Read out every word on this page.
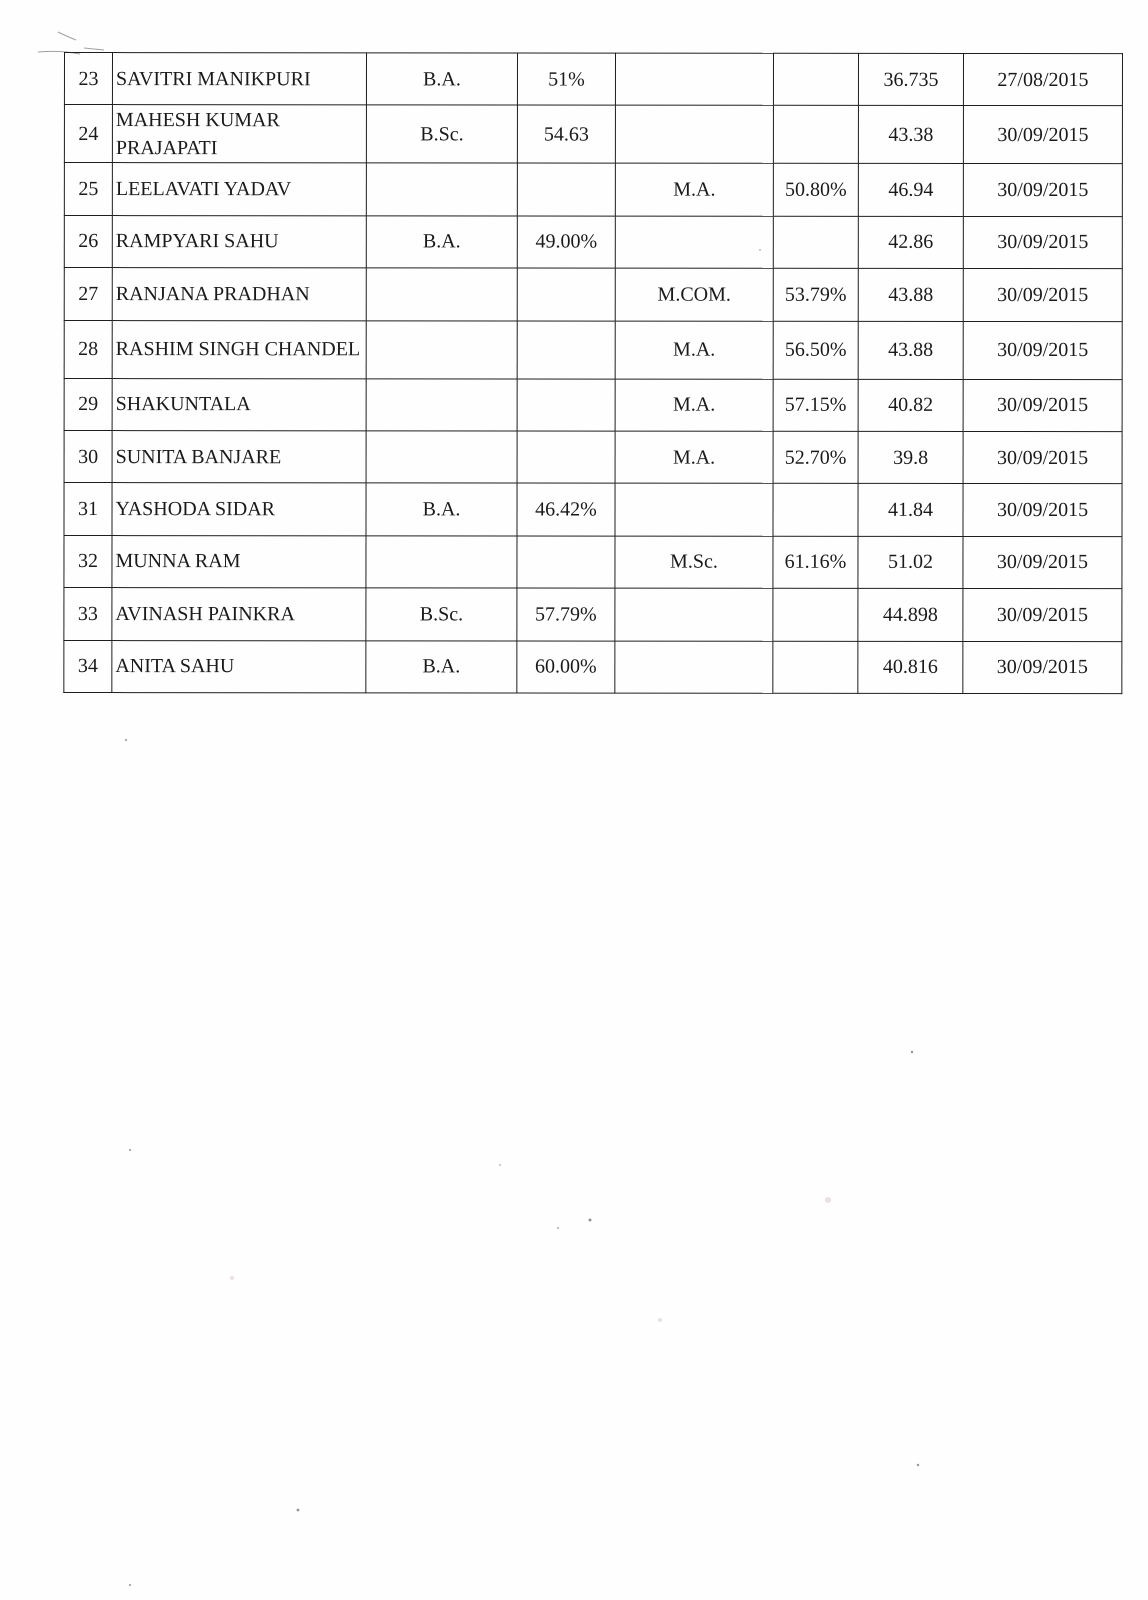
23	SAVITRI MANIKPURI	B.A.	51%			36.735	27/08/2015
24	MAHESH KUMAR PRAJAPATI	B.Sc.	54.63			43.38	30/09/2015
25	LEELAVATI YADAV			M.A.	50.80%	46.94	30/09/2015
26	RAMPYARI SAHU	B.A.	49.00%			42.86	30/09/2015
27	RANJANA PRADHAN			M.COM.	53.79%	43.88	30/09/2015
28	RASHIM SINGH CHANDEL			M.A.	56.50%	43.88	30/09/2015
29	SHAKUNTALA			M.A.	57.15%	40.82	30/09/2015
30	SUNITA BANJARE			M.A.	52.70%	39.8	30/09/2015
31	YASHODA SIDAR	B.A.	46.42%			41.84	30/09/2015
32	MUNNA RAM			M.Sc.	61.16%	51.02	30/09/2015
33	AVINASH PAINKRA	B.Sc.	57.79%			44.898	30/09/2015
34	ANITA SAHU	B.A.	60.00%			40.816	30/09/2015
